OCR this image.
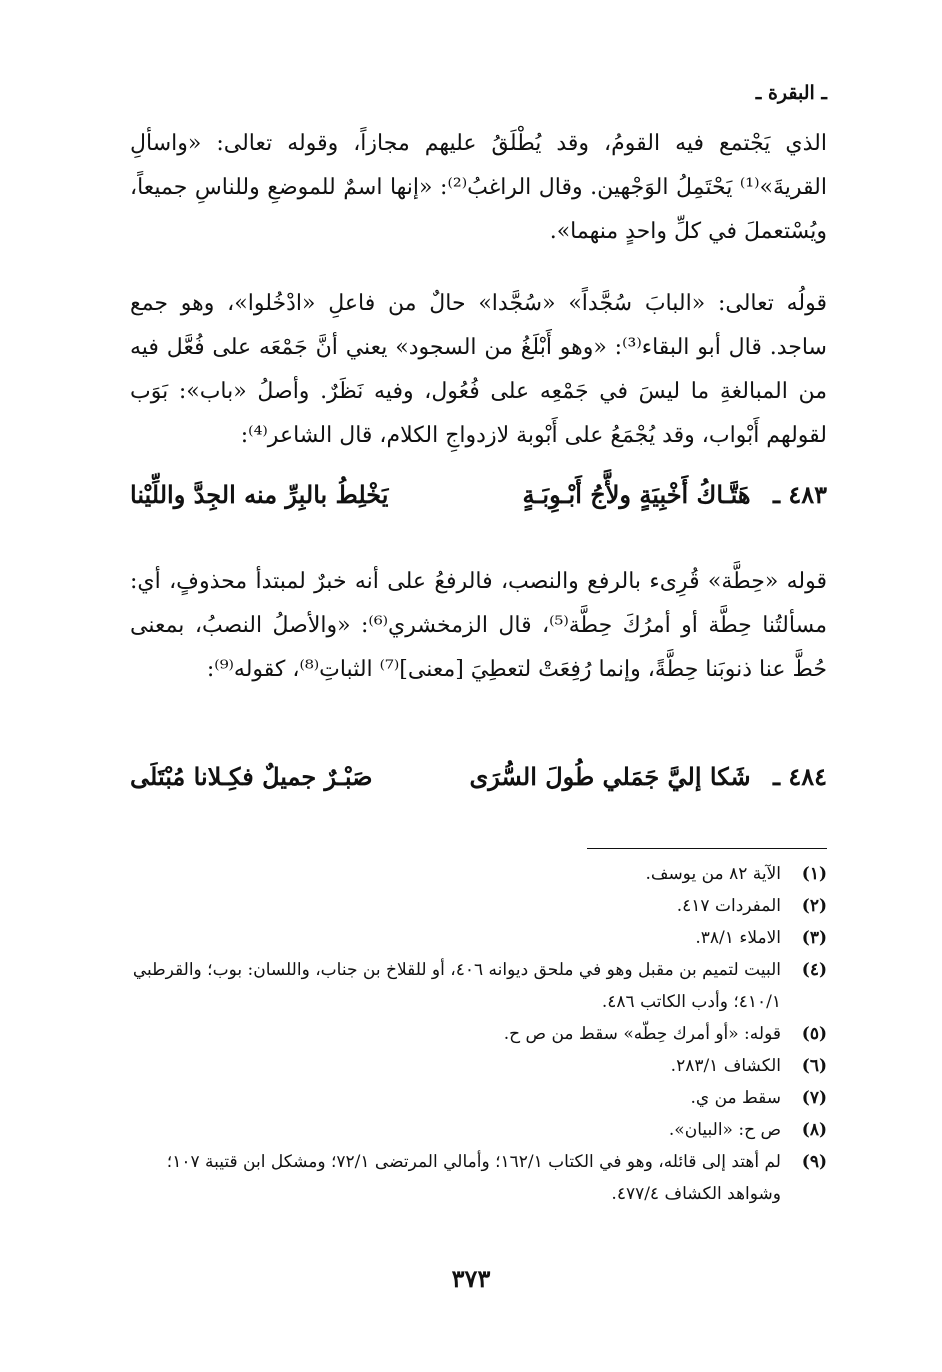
ـ البقرة ـ

الذي يَجْتمع فيه القومُ، وقد يُطْلَقُ عليهم مجازاً، وقوله تعالى: «واسألِ القريةَ»⁽¹⁾ يَحْتَمِلُ الوَجْهين. وقال الراغبُ⁽²⁾: «إنها اسمٌ للموضعِ وللناسِ جميعاً، ويُسْتعملَ في كلِّ واحدٍ منهما».

قولُه تعالى: «البابَ سُجَّداً» «سُجَّدا» حالٌ من فاعلِ «ادْخُلوا»، وهو جمع ساجد. قال أبو البقاء⁽³⁾: «وهو أَبْلَغُ من السجود» يعني أنَّ جَمْعَه على فُعَّل فيه من المبالغةِ ما ليسَ في جَمْعِه على فُعُول، وفيه نَظَرٌ. وأصلُ «باب»: بَوَب لقولهم أَبْواب، وقد يُجْمَعُ على أَبْوبة لازدواجِ الكلام، قال الشاعر⁽⁴⁾:

٤٨٣ ـ هَتَّـاكُ أَخْبِيَةٍ ولأَّجُ أَبْـوِبَـةٍ
يَخْلِطُ بالبِرِّ منه الجِدَّ واللِّيْنا

قوله «حِطَّة» قُرِىء بالرفع والنصب، فالرفعُ على أنه خبرٌ لمبتدأ محذوفٍ، أي: مسألتُنا حِطَّة أو أمرُكَ حِطَّة⁽⁵⁾، قال الزمخشري⁽⁶⁾: «والأصلُ النصبُ، بمعنى حُطَّ عنا ذنوبَنا حِطَّةً، وإنما رُفِعَتْ لتعطِيَ [معنى]⁽⁷⁾ الثباتِ⁽⁸⁾، كقوله⁽⁹⁾:

٤٨٤ ـ شَكا إليَّ جَمَلي طُولَ السُّرَى
صَبْـرٌ جميلٌ فكِـلانا مُبْتَلَى
(١)
الآية ٨٢ من يوسف.
(٢)
المفردات ٤١٧.
(٣)
الاملاء ٣٨/١.
(٤)
البيت لتميم بن مقبل وهو في ملحق ديوانه ٤٠٦، أو للقلاخ بن جناب، واللسان: بوب؛ والقرطبي ٤١٠/١؛ وأدب الكاتب ٤٨٦.
(٥)
قوله: «أو أمرك حِطّه» سقط من ص ح.
(٦)
الكشاف ٢٨٣/١.
(٧)
سقط من ي.
(٨)
ص ح: «البيان».
(٩)
لم أهتد إلى قائله، وهو في الكتاب ١٦٢/١؛ وأمالي المرتضى ٧٢/١؛ ومشكل ابن قتيبة ١٠٧؛ وشواهد الكشاف ٤٧٧/٤.
٣٧٣
